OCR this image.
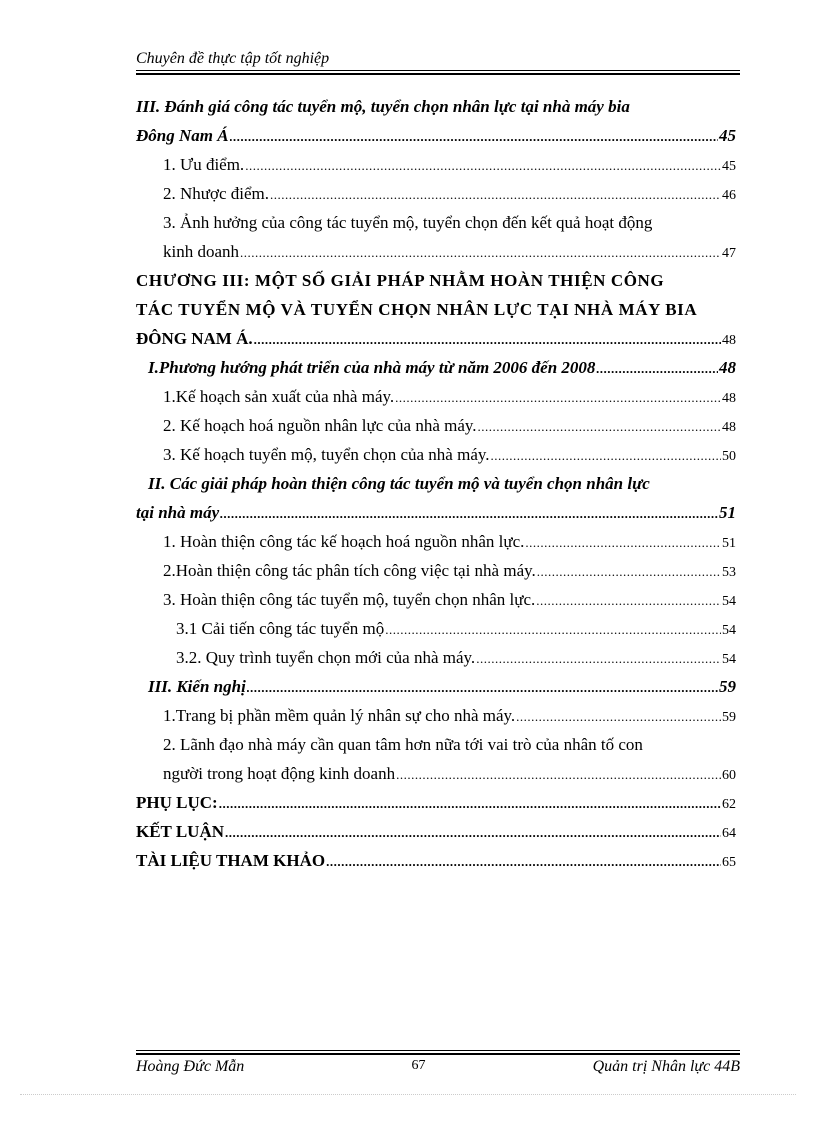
Chuyên đề thực tập tốt nghiệp
III. Đánh giá công tác tuyển mộ, tuyển chọn nhân lực tại nhà máy bia
Đông Nam Á .....	45
1. Ưu điểm. .....	45
2. Nhược điểm. .....	46
3. Ảnh hưởng của công tác tuyển mộ, tuyển chọn đến kết quả hoạt động
kinh doanh .....	47
CHƯƠNG III: MỘT SỐ GIẢI PHÁP NHẰM HOÀN THIỆN CÔNG
TÁC TUYỂN MỘ VÀ TUYỂN CHỌN NHÂN LỰC TẠI NHÀ MÁY BIA
ĐÔNG NAM Á. .....	48
I.Phương hướng phát triển của nhà máy từ năm 2006 đến 2008 .....	48
1.Kế hoạch sản xuất của nhà máy. .....	48
2. Kế hoạch hoá nguồn nhân lực của nhà máy. .....	48
3. Kế hoạch tuyển mộ, tuyển chọn của nhà máy. .....	50
II. Các giải pháp hoàn thiện công tác tuyển mộ và tuyển chọn nhân lực
tại nhà máy .....	51
1. Hoàn thiện công tác kế hoạch hoá nguồn nhân lực. .....	51
2.Hoàn thiện công tác phân tích công việc tại nhà máy. .....	53
3. Hoàn thiện công tác tuyển mộ, tuyển chọn nhân lực. .....	54
3.1 Cải tiến công tác tuyển mộ .....	54
3.2. Quy trình tuyển chọn mới của nhà máy. .....	54
III. Kiến nghị .....	59
1.Trang bị phần mềm quản lý nhân sự cho nhà máy. .....	59
2. Lãnh đạo nhà máy cần quan tâm hơn nữa tới vai trò của nhân tố con
người trong hoạt động kinh doanh .....	60
PHỤ LỤC: .....	62
KẾT LUẬN .....	64
TÀI LIỆU THAM KHẢO .....	65
Hoàng Đức Mẫn	67	Quản trị Nhân lực 44B
